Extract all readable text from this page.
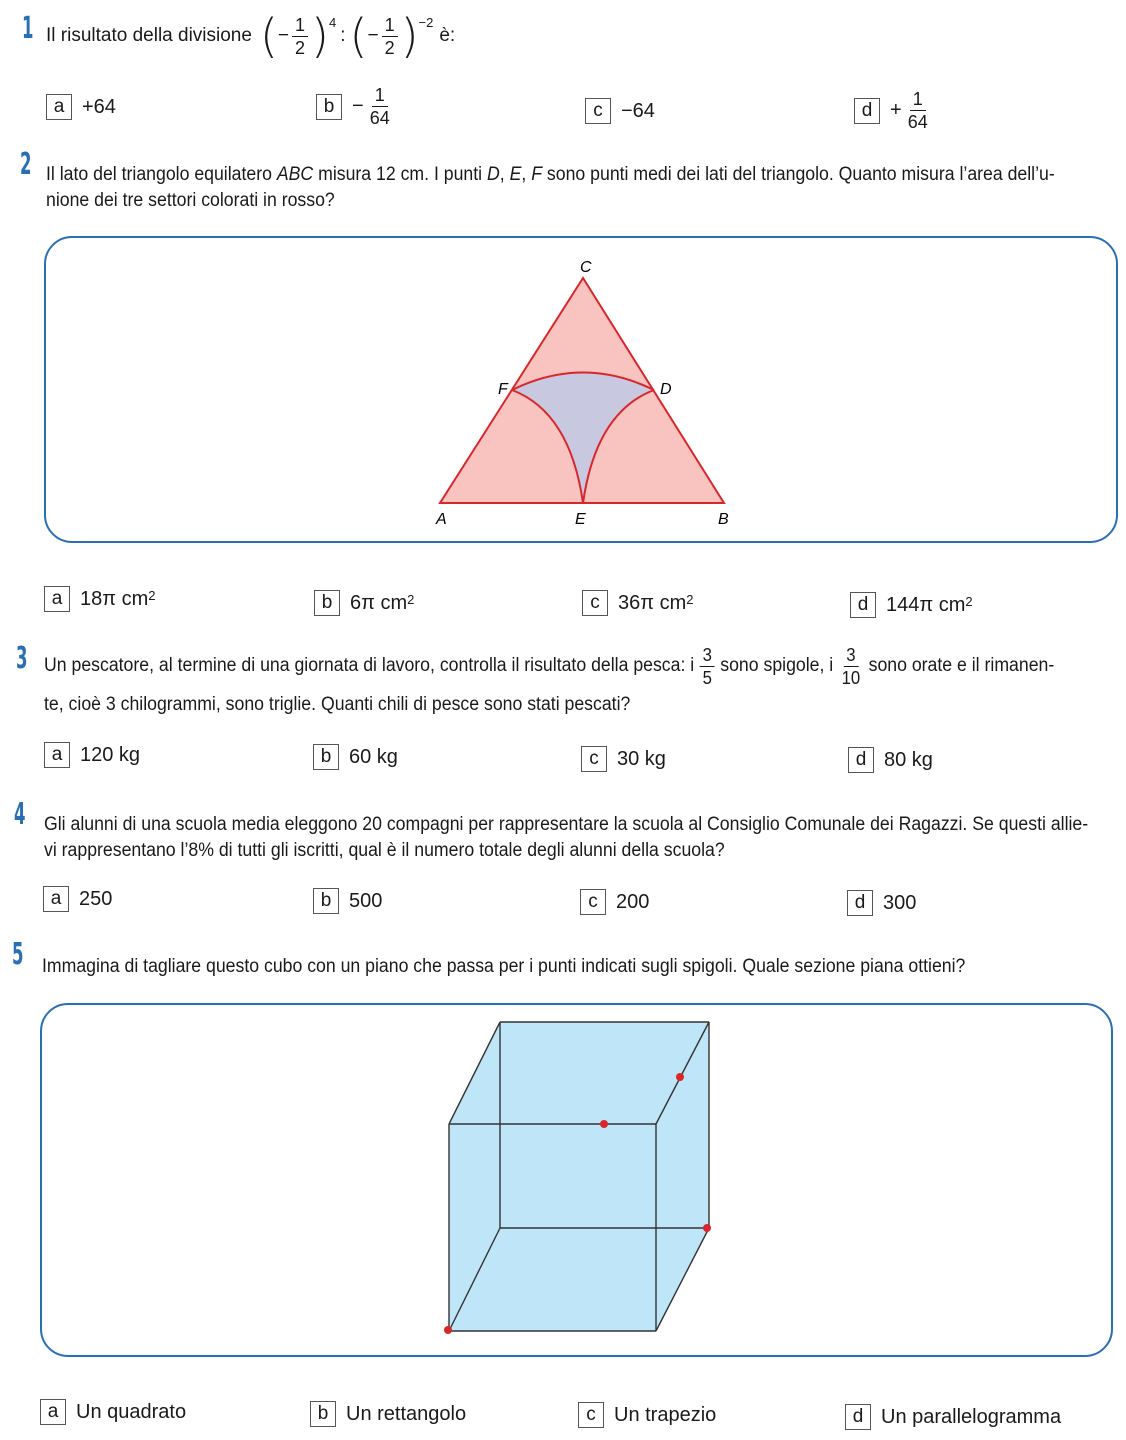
1 Il risultato della divisione ( − $\frac{1}{2}$ ) 4
: ( − $\frac{1}{2}$ ) −2
è:
a +64	$b - \frac{1}{64}$	c −64	$d + \frac{1}{64}$
2 Il lato del triangolo equilatero ABC misura 12 cm. I punti D, E, F sono punti medi dei lati del triangolo. Quanto misura l’area dell’u-
nione dei tre settori colorati in rosso?
C
F	D
A	E	B
a 18π cm 2	b 6π cm 2	c 36π cm 2	d 144π cm 2
3 Un pescatore, al termine di una giornata di lavoro, controlla il risultato della pesca: i $\frac{3}{5}$ sono spigole, i $\frac{3}{10}$ sono orate e il rimanen-
te, cioè 3 chilogrammi, sono triglie. Quanti chili di pesce sono stati pescati?
a 120 kg	b 60 kg	c 30 kg	d 80 kg
4 Gli alunni di una scuola media eleggono 20 compagni per rappresentare la scuola al Consiglio Comunale dei Ragazzi. Se questi allie-
vi rappresentano l’8% di tutti gli iscritti, qual è il numero totale degli alunni della scuola?
a 250	b 500	c 200	d 300
5 Immagina di tagliare questo cubo con un piano che passa per i punti indicati sugli spigoli. Quale sezione piana ottieni?
a Un quadrato	b Un rettangolo	c Un trapezio	d Un parallelogramma
